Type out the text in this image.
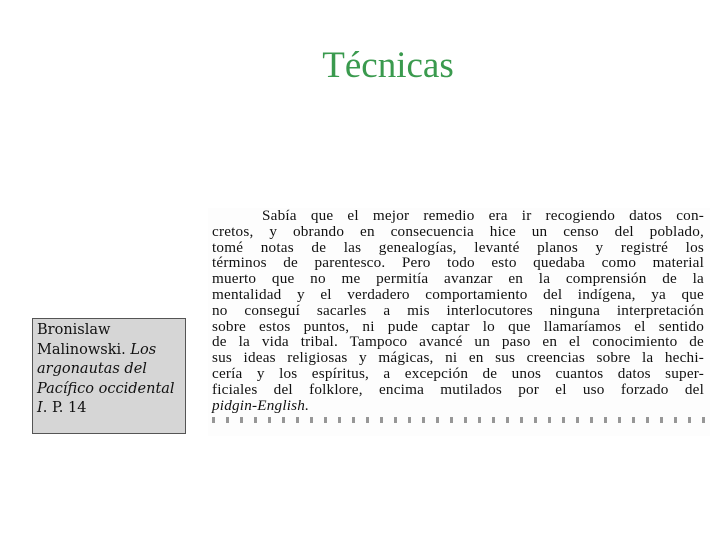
Técnicas
Bronislaw Malinowski. Los argonautas del Pacífico occidental I. P. 14
Sabía que el mejor remedio era ir recogiendo datos con-
cretos, y obrando en consecuencia hice un censo del poblado,
tomé notas de las genealogías, levanté planos y registré los
términos de parentesco. Pero todo esto quedaba como material
muerto que no me permitía avanzar en la comprensión de la
mentalidad y el verdadero comportamiento del indígena, ya que
no conseguí sacarles a mis interlocutores ninguna interpretación
sobre estos puntos, ni pude captar lo que llamaríamos el sentido
de la vida tribal. Tampoco avancé un paso en el conocimiento de
sus ideas religiosas y mágicas, ni en sus creencias sobre la hechi-
cería y los espíritus, a excepción de unos cuantos datos super-
ficiales del folklore, encima mutilados por el uso forzado del
pidgin-English.
